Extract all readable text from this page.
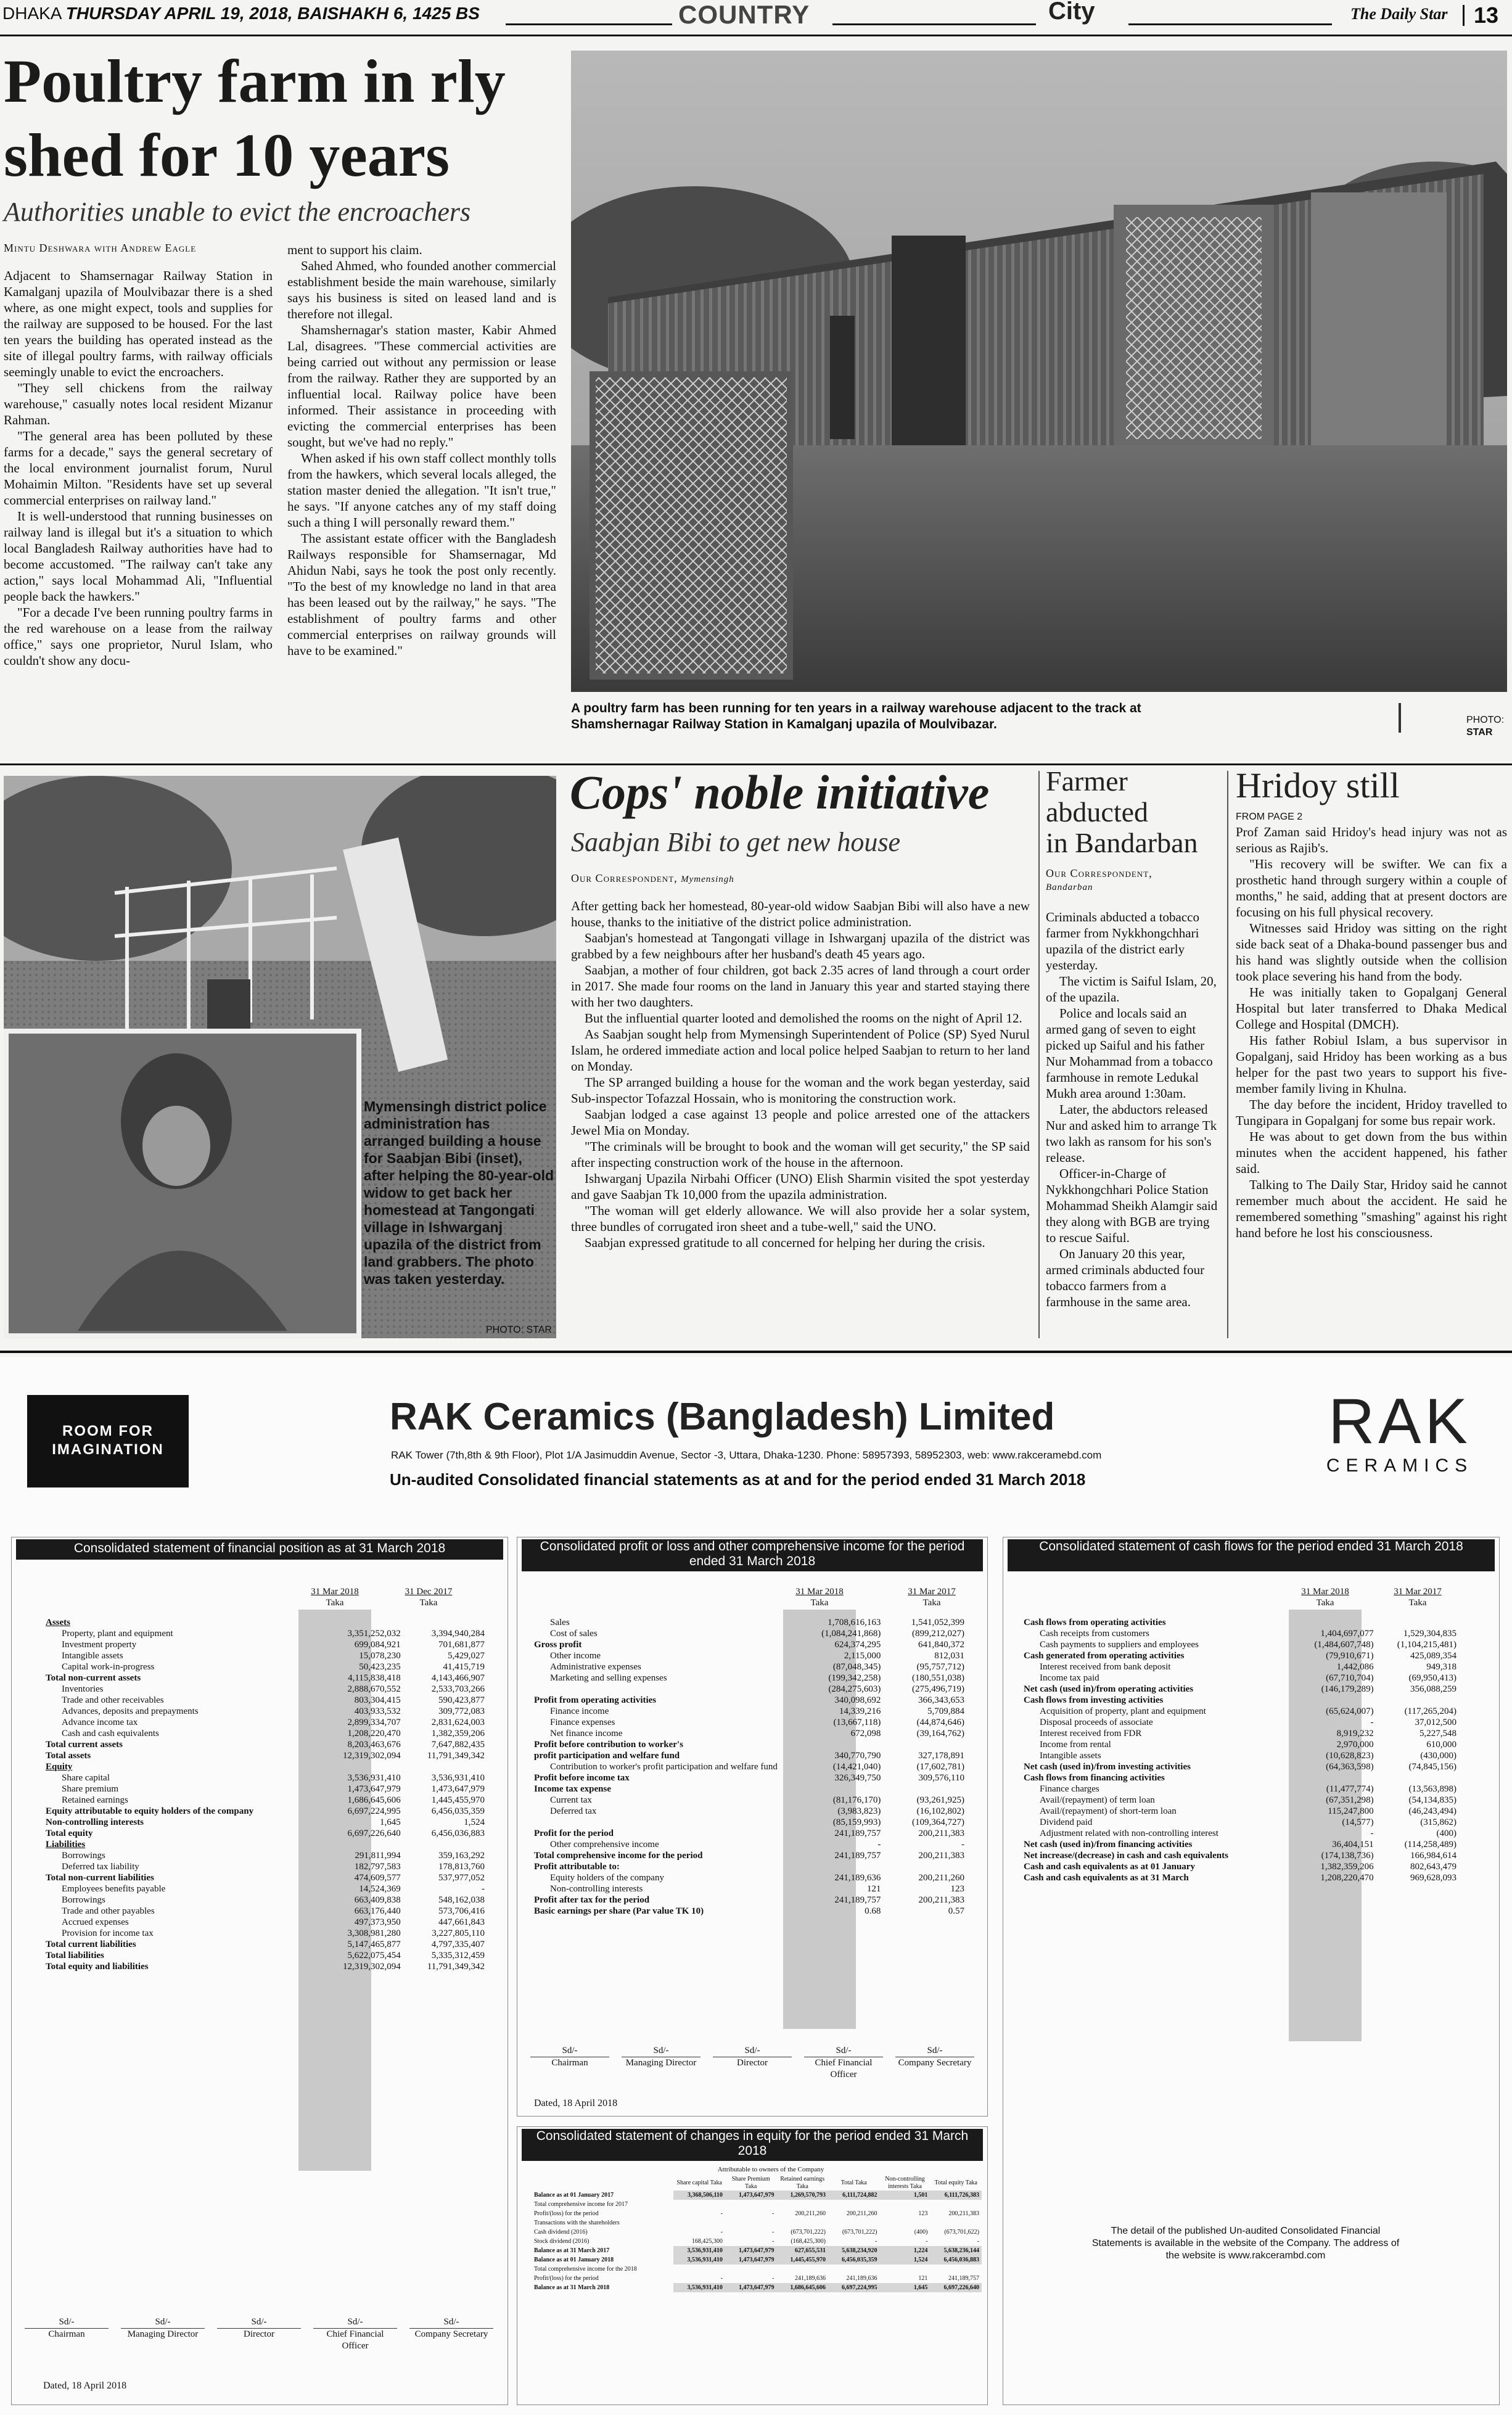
DHAKA THURSDAY APRIL 19, 2018, BAISHAKH 6, 1425 BS	COUNTRY	City	The Daily Star 13
Poultry farm in rly
shed for 10 years
Authorities unable to evict the encroachers
Mintu Deshwara with Andrew Eagle

Adjacent to Shamsernagar Railway Station in Kamalganj upazila of Moulvibazar there is a shed where, as one might expect, tools and supplies for the railway are supposed to be housed. For the last ten years the building has operated instead as the site of illegal poultry farms, with railway officials seemingly unable to evict the encroachers.

"They sell chickens from the railway warehouse," casually notes local resident Mizanur Rahman.

"The general area has been polluted by these farms for a decade," says the general secretary of the local environment journalist forum, Nurul Mohaimin Milton. "Residents have set up several commercial enterprises on railway land."

It is well-understood that running businesses on railway land is illegal but it's a situation to which local Bangladesh Railway authorities have had to become accustomed. "The railway can't take any action," says local Mohammad Ali, "Influential people back the hawkers."

"For a decade I've been running poultry farms in the red warehouse on a lease from the railway office," says one proprietor, Nurul Islam, who couldn't show any docu-

ment to support his claim.

Sahed Ahmed, who founded another commercial establishment beside the main warehouse, similarly says his business is sited on leased land and is therefore not illegal.

Shamshernagar's station master, Kabir Ahmed Lal, disagrees. "These commercial activities are being carried out without any permission or lease from the railway. Rather they are supported by an influential local. Railway police have been informed. Their assistance in proceeding with evicting the commercial enterprises has been sought, but we've had no reply."

When asked if his own staff collect monthly tolls from the hawkers, which several locals alleged, the station master denied the allegation. "It isn't true," he says. "If anyone catches any of my staff doing such a thing I will personally reward them."

The assistant estate officer with the Bangladesh Railways responsible for Shamsernagar, Md Ahidun Nabi, says he took the post only recently. "To the best of my knowledge no land in that area has been leased out by the railway," he says. "The establishment of poultry farms and other commercial enterprises on railway grounds will have to be examined."

A poultry farm has been running for ten years in a railway warehouse adjacent to the track at Shamshernagar Railway Station in Kamalganj upazila of Moulvibazar.	PHOTO:
STAR
Mymensingh district police administration has arranged building a house for Saabjan Bibi (inset), after helping the 80-year-old widow to get back her homestead at Tangongati village in Ishwarganj upazila of the district from land grabbers. The photo was taken yesterday.
PHOTO: STAR
Cops' noble initiative
Saabjan Bibi to get new house
Our Correspondent, Mymensingh

After getting back her homestead, 80-year-old widow Saabjan Bibi will also have a new house, thanks to the initiative of the district police administration.

Saabjan's homestead at Tangongati village in Ishwarganj upazila of the district was grabbed by a few neighbours after her husband's death 45 years ago.

Saabjan, a mother of four children, got back 2.35 acres of land through a court order in 2017. She made four rooms on the land in January this year and started staying there with her two daughters.

But the influential quarter looted and demolished the rooms on the night of April 12.

As Saabjan sought help from Mymensingh Superintendent of Police (SP) Syed Nurul Islam, he ordered immediate action and local police helped Saabjan to return to her land on Monday.

The SP arranged building a house for the woman and the work began yesterday, said Sub-inspector Tofazzal Hossain, who is monitoring the construction work.

Saabjan lodged a case against 13 people and police arrested one of the attackers Jewel Mia on Monday.

"The criminals will be brought to book and the woman will get security," the SP said after inspecting construction work of the house in the afternoon.

Ishwarganj Upazila Nirbahi Officer (UNO) Elish Sharmin visited the spot yesterday and gave Saabjan Tk 10,000 from the upazila administration.

"The woman will get elderly allowance. We will also provide her a solar system, three bundles of corrugated iron sheet and a tube-well," said the UNO.

Saabjan expressed gratitude to all concerned for helping her during the crisis.

Farmer
abducted
in Bandarban
Our Correspondent,
Bandarban

Criminals abducted a tobacco farmer from Nykkhongchhari upazila of the district early yesterday.

The victim is Saiful Islam, 20, of the upazila.

Police and locals said an armed gang of seven to eight picked up Saiful and his father Nur Mohammad from a tobacco farmhouse in remote Ledukal Mukh area around 1:30am.

Later, the abductors released Nur and asked him to arrange Tk two lakh as ransom for his son's release.

Officer-in-Charge of Nykkhongchhari Police Station Mohammad Sheikh Alamgir said they along with BGB are trying to rescue Saiful.

On January 20 this year, armed criminals abducted four tobacco farmers from a farmhouse in the same area.

Hridoy still
FROM PAGE 2

Prof Zaman said Hridoy's head injury was not as serious as Rajib's.

"His recovery will be swifter. We can fix a prosthetic hand through surgery within a couple of months," he said, adding that at present doctors are focusing on his full physical recovery.

Witnesses said Hridoy was sitting on the right side back seat of a Dhaka-bound passenger bus and his hand was slightly outside when the collision took place severing his hand from the body.

He was initially taken to Gopalganj General Hospital but later transferred to Dhaka Medical College and Hospital (DMCH).

His father Robiul Islam, a bus supervisor in Gopalganj, said Hridoy has been working as a bus helper for the past two years to support his five-member family living in Khulna.

The day before the incident, Hridoy travelled to Tungipara in Gopalganj for some bus repair work.

He was about to get down from the bus within minutes when the accident happened, his father said.

Talking to The Daily Star, Hridoy said he cannot remember much about the accident. He said he remembered something "smashing" against his right hand before he lost his consciousness.

ROOM FOR
IMAGINATION
RAK Ceramics (Bangladesh) Limited
RAK Tower (7th,8th & 9th Floor), Plot 1/A Jasimuddin Avenue, Sector -3, Uttara, Dhaka-1230. Phone: 58957393, 58952303, web: www.rakceramebd.com
Un-audited Consolidated financial statements as at and for the period ended 31 March 2018
RAK
CERAMICS
Consolidated statement of financial position as at 31 March 2018
31 Mar 2018
Taka
31 Dec 2017
Taka
Assets		
Property, plant and equipment	3,351,252,032	3,394,940,284
Investment property	699,084,921	701,681,877
Intangible assets	15,078,230	5,429,027
Capital work-in-progress	50,423,235	41,415,719
Total non-current assets	4,115,838,418	4,143,466,907
Inventories	2,888,670,552	2,533,703,266
Trade and other receivables	803,304,415	590,423,877
Advances, deposits and prepayments	403,933,532	309,772,083
Advance income tax	2,899,334,707	2,831,624,003
Cash and cash equivalents	1,208,220,470	1,382,359,206
Total current assets	8,203,463,676	7,647,882,435
Total assets	12,319,302,094	11,791,349,342

Equity		
Share capital	3,536,931,410	3,536,931,410
Share premium	1,473,647,979	1,473,647,979
Retained earnings	1,686,645,606	1,445,455,970
Equity attributable to equity holders of the company	6,697,224,995	6,456,035,359

Non-controlling interests	1,645	1,524
Total equity	6,697,226,640	6,456,036,883

Liabilities		
Borrowings	291,811,994	359,163,292
Deferred tax liability	182,797,583	178,813,760
Total non-current liabilities	474,609,577	537,977,052

Employees benefits payable	14,524,369	-
Borrowings	663,409,838	548,162,038
Trade and other payables	663,176,440	573,706,416
Accrued expenses	497,373,950	447,661,843
Provision for income tax	3,308,981,280	3,227,805,110
Total current liabilities	5,147,465,877	4,797,335,407
Total liabilities	5,622,075,454	5,335,312,459
Total equity and liabilities	12,319,302,094	11,791,349,342
Sd/-
Chairman
Sd/-
Managing Director
Sd/-
Director
Sd/-
Chief Financial Officer
Sd/-
Company Secretary
Dated, 18 April 2018
Consolidated profit or loss and other comprehensive income for the period ended 31 March 2018
31 Mar 2018
Taka
31 Mar 2017
Taka
Sales	1,708,616,163	1,541,052,399
Cost of sales	(1,084,241,868)	(899,212,027)
Gross profit	624,374,295	641,840,372

Other income	2,115,000	812,031
Administrative expenses	(87,048,345)	(95,757,712)
Marketing and selling expenses	(199,342,258)	(180,551,038)
	(284,275,603)	(275,496,719)
Profit from operating activities	340,098,692	366,343,653

Finance income	14,339,216	5,709,884
Finance expenses	(13,667,118)	(44,874,646)
Net finance income	672,098	(39,164,762)
Profit before contribution to worker's		
profit participation and welfare fund	340,770,790	327,178,891

Contribution to worker's profit participation and welfare fund	(14,421,040)	(17,602,781)

Profit before income tax	326,349,750	309,576,110

Income tax expense		
Current tax	(81,176,170)	(93,261,925)
Deferred tax	(3,983,823)	(16,102,802)
	(85,159,993)	(109,364,727)
Profit for the period	241,189,757	200,211,383

Other comprehensive income	-	-
Total comprehensive income for the period	241,189,757	200,211,383
Profit attributable to:		
Equity holders of the company	241,189,636	200,211,260
Non-controlling interests	121	123
Profit after tax for the period	241,189,757	200,211,383

Basic earnings per share (Par value TK 10)	0.68	0.57
Sd/-
Chairman
Sd/-
Managing Director
Sd/-
Director
Sd/-
Chief Financial Officer
Sd/-
Company Secretary
Dated, 18 April 2018
Consolidated statement of changes in equity for the period ended 31 March 2018
Attributable to owners of the Company
	Share capital Taka	Share Premium Taka	Retained earnings Taka	Total Taka	Non-controlling interests Taka	Total equity Taka
Balance as at 01 January 2017	3,368,506,110	1,473,647,979	1,269,570,793	6,111,724,882	1,501	6,111,726,383
Total comprehensive income for 2017						
Profit/(loss) for the period	-	-	200,211,260	200,211,260	123	200,211,383
Transactions with the shareholders						
Cash dividend (2016)	-	-	(673,701,222)	(673,701,222)	(400)	(673,701,622)
Stock dividend (2016)	168,425,300	-	(168,425,300)	-	-	-
Balance as at 31 March 2017	3,536,931,410	1,473,647,979	627,655,531	5,638,234,920	1,224	5,638,236,144

Balance as at 01 January 2018	3,536,931,410	1,473,647,979	1,445,455,970	6,456,035,359	1,524	6,456,036,883

Total comprehensive income for the 2018						
Profit/(loss) for the period	-	-	241,189,636	241,189,636	121	241,189,757

Balance as at 31 March 2018	3,536,931,410	1,473,647,979	1,686,645,606	6,697,224,995	1,645	6,697,226,640
Consolidated statement of cash flows for the period ended 31 March 2018
31 Mar 2018
Taka
31 Mar 2017
Taka
Cash flows from operating activities		

Cash receipts from customers	1,404,697,077	1,529,304,835
Cash payments to suppliers and employees	(1,484,607,748)	(1,104,215,481)
Cash generated from operating activities	(79,910,671)	425,089,354

Interest received from bank deposit	1,442,086	949,318
Income tax paid	(67,710,704)	(69,950,413)
Net cash (used in)/from operating activities	(146,179,289)	356,088,259

Cash flows from investing activities		

Acquisition of property, plant and equipment	(65,624,007)	(117,265,204)
Disposal proceeds of associate	-	37,012,500
Interest received from FDR	8,919,232	5,227,548
Income from rental	2,970,000	610,000
Intangible assets	(10,628,823)	(430,000)
Net cash (used in)/from investing activities	(64,363,598)	(74,845,156)

Cash flows from financing activities		

Finance charges	(11,477,774)	(13,563,898)
Avail/(repayment) of term loan	(67,351,298)	(54,134,835)
Avail/(repayment) of short-term loan	115,247,800	(46,243,494)
Dividend paid	(14,577)	(315,862)
Adjustment related with non-controlling interest	-	(400)
Net cash (used in)/from financing activities	36,404,151	(114,258,489)
Net increase/(decrease) in cash and cash equivalents	(174,138,736)	166,984,614
Cash and cash equivalents as at 01 January	1,382,359,206	802,643,479
Cash and cash equivalents as at 31 March	1,208,220,470	969,628,093
The detail of the published Un-audited Consolidated Financial Statements is available in the website of the Company. The address of the website is www.rakcerambd.com
